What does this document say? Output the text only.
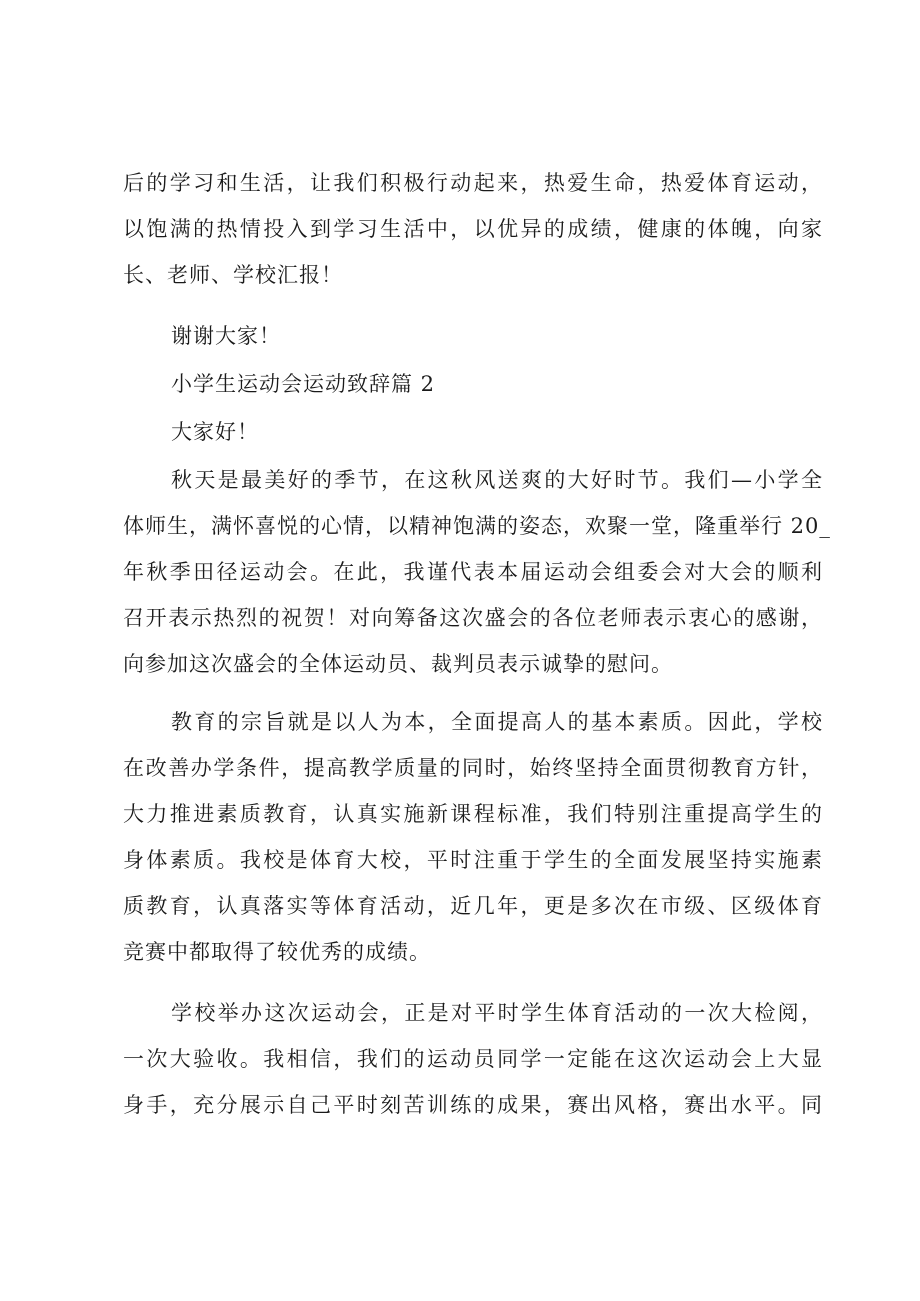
后的学习和生活，让我们积极行动起来，热爱生命，热爱体育运动，
以饱满的热情投入到学习生活中，以优异的成绩，健康的体魄，向家
长、老师、学校汇报！
谢谢大家！
小学生运动会运动致辞篇 2
大家好！
秋天是最美好的季节，在这秋风送爽的大好时节。我们—小学全
体师生，满怀喜悦的心情，以精神饱满的姿态，欢聚一堂，隆重举行 20_
年秋季田径运动会。在此，我谨代表本届运动会组委会对大会的顺利
召开表示热烈的祝贺！对向筹备这次盛会的各位老师表示衷心的感谢，
向参加这次盛会的全体运动员、裁判员表示诚挚的慰问。
教育的宗旨就是以人为本，全面提高人的基本素质。因此，学校
在改善办学条件，提高教学质量的同时，始终坚持全面贯彻教育方针，
大力推进素质教育，认真实施新课程标准，我们特别注重提高学生的
身体素质。我校是体育大校，平时注重于学生的全面发展坚持实施素
质教育，认真落实等体育活动，近几年，更是多次在市级、区级体育
竞赛中都取得了较优秀的成绩。
学校举办这次运动会，正是对平时学生体育活动的一次大检阅，
一次大验收。我相信，我们的运动员同学一定能在这次运动会上大显
身手，充分展示自己平时刻苦训练的成果，赛出风格，赛出水平。同
